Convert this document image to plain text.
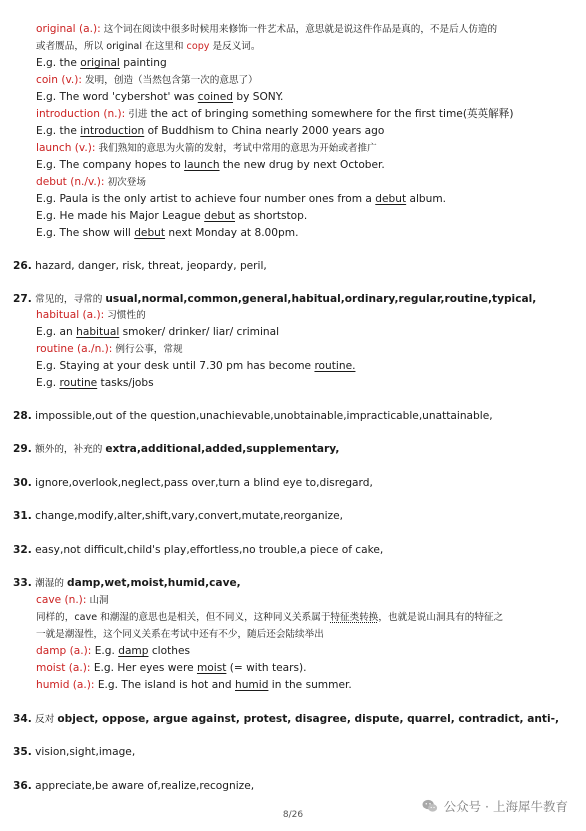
original (a.): 这个词在阅读中很多时候用来修饰一件艺术品，意思就是说这件作品是真的，不是后人仿造的
或者赝品，所以 original 在这里和 copy 是反义词。
E.g. the original painting
coin (v.): 发明，创造（当然包含第一次的意思了）
E.g. The word 'cybershot' was coined by SONY.
introduction (n.): 引进 the act of bringing something somewhere for the first time(英英解释)
E.g. the introduction of Buddhism to China nearly 2000 years ago
launch (v.): 我们熟知的意思为火箭的发射，考试中常用的意思为开始或者推广
E.g. The company hopes to launch the new drug by next October.
debut (n./v.): 初次登场
E.g. Paula is the only artist to achieve four number ones from a debut album.
E.g. He made his Major League debut as shortstop.
E.g. The show will debut next Monday at 8.00pm.
26. hazard, danger, risk, threat, jeopardy, peril,
27. 常见的，寻常的 usual,normal,common,general,habitual,ordinary,regular,routine,typical,
habitual (a.): 习惯性的
E.g. an habitual smoker/ drinker/ liar/ criminal
routine (a./n.): 例行公事，常规
E.g. Staying at your desk until 7.30 pm has become routine.
E.g. routine tasks/jobs
28. impossible,out of the question,unachievable,unobtainable,impracticable,unattainable,
29. 额外的，补充的 extra,additional,added,supplementary,
30. ignore,overlook,neglect,pass over,turn a blind eye to,disregard,
31. change,modify,alter,shift,vary,convert,mutate,reorganize,
32. easy,not difficult,child's play,effortless,no trouble,a piece of cake,
33. 潮湿的 damp,wet,moist,humid,cave,
cave (n.): 山洞
同样的，cave 和潮湿的意思也是相关，但不同义，这种同义关系属于特征类转换，也就是说山洞具有的特征之
一就是潮湿性，这个同义关系在考试中还有不少，随后还会陆续举出
damp (a.): E.g. damp clothes
moist (a.): E.g. Her eyes were moist (= with tears).
humid (a.): E.g. The island is hot and humid in the summer.
34. 反对 object, oppose, argue against, protest, disagree, dispute, quarrel, contradict, anti-,
35. vision,sight,image,
36. appreciate,be aware of,realize,recognize,
8/26
公众号 · 上海犀牛教育
